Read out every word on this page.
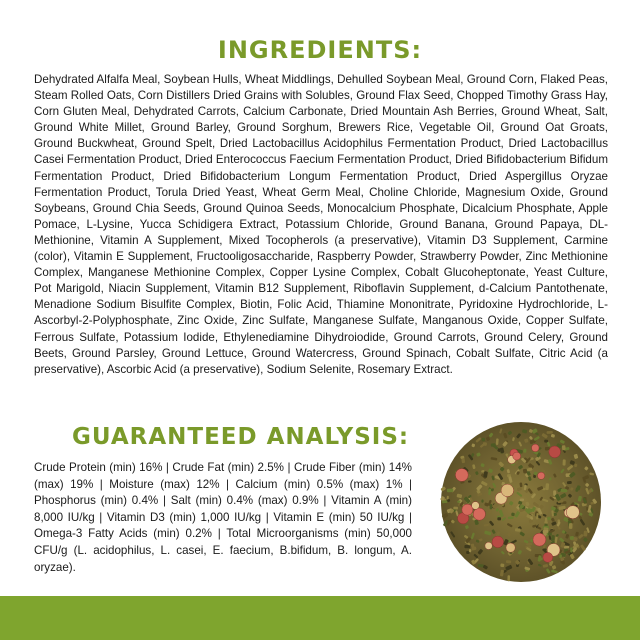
INGREDIENTS:

Dehydrated Alfalfa Meal, Soybean Hulls, Wheat Middlings, Dehulled Soybean Meal, Ground Corn, Flaked Peas, Steam Rolled Oats, Corn Distillers Dried Grains with Solubles, Ground Flax Seed, Chopped Timothy Grass Hay, Corn Gluten Meal, Dehydrated Carrots, Calcium Carbonate, Dried Mountain Ash Berries, Ground Wheat, Salt, Ground White Millet, Ground Barley, Ground Sorghum, Brewers Rice, Vegetable Oil, Ground Oat Groats, Ground Buckwheat, Ground Spelt, Dried Lactobacillus Acidophilus Fermentation Product, Dried Lactobacillus Casei Fermentation Product, Dried Enterococcus Faecium Fermentation Product, Dried Bifidobacterium Bifidum Fermentation Product, Dried Bifidobacterium Longum Fermentation Product, Dried Aspergillus Oryzae Fermentation Product, Torula Dried Yeast, Wheat Germ Meal, Choline Chloride, Magnesium Oxide, Ground Soybeans, Ground Chia Seeds, Ground Quinoa Seeds, Monocalcium Phosphate, Dicalcium Phosphate, Apple Pomace, L-Lysine, Yucca Schidigera Extract, Potassium Chloride, Ground Banana, Ground Papaya, DL-Methionine, Vitamin A Supplement, Mixed Tocopherols (a preservative), Vitamin D3 Supplement, Carmine (color), Vitamin E Supplement, Fructooligosaccharide, Raspberry Powder, Strawberry Powder, Zinc Methionine Complex, Manganese Methionine Complex, Copper Lysine Complex, Cobalt Glucoheptonate, Yeast Culture, Pot Marigold, Niacin Supplement, Vitamin B12 Supplement, Riboflavin Supplement, d-Calcium Pantothenate, Menadione Sodium Bisulfite Complex, Biotin, Folic Acid, Thiamine Mononitrate, Pyridoxine Hydrochloride, L-Ascorbyl-2-Polyphosphate, Zinc Oxide, Zinc Sulfate, Manganese Sulfate, Manganous Oxide, Copper Sulfate, Ferrous Sulfate, Potassium Iodide, Ethylenediamine Dihydroiodide, Ground Carrots, Ground Celery, Ground Beets, Ground Parsley, Ground Lettuce, Ground Watercress, Ground Spinach, Cobalt Sulfate, Citric Acid (a preservative), Ascorbic Acid (a preservative), Sodium Selenite, Rosemary Extract.

GUARANTEED ANALYSIS:

Crude Protein (min) 16% | Crude Fat (min) 2.5% | Crude Fiber (min) 14% (max) 19% | Moisture (max) 12% | Calcium (min) 0.5% (max) 1% | Phosphorus (min) 0.4% | Salt (min) 0.4% (max) 0.9% | Vitamin A (min) 8,000 IU/kg | Vitamin D3 (min) 1,000 IU/kg | Vitamin E (min) 50 IU/kg | Omega-3 Fatty Acids (min) 0.2% | Total Microorganisms (min) 50,000 CFU/g (L. acidophilus, L. casei, E. faecium, B.bifidum, B. longum, A. oryzae).
